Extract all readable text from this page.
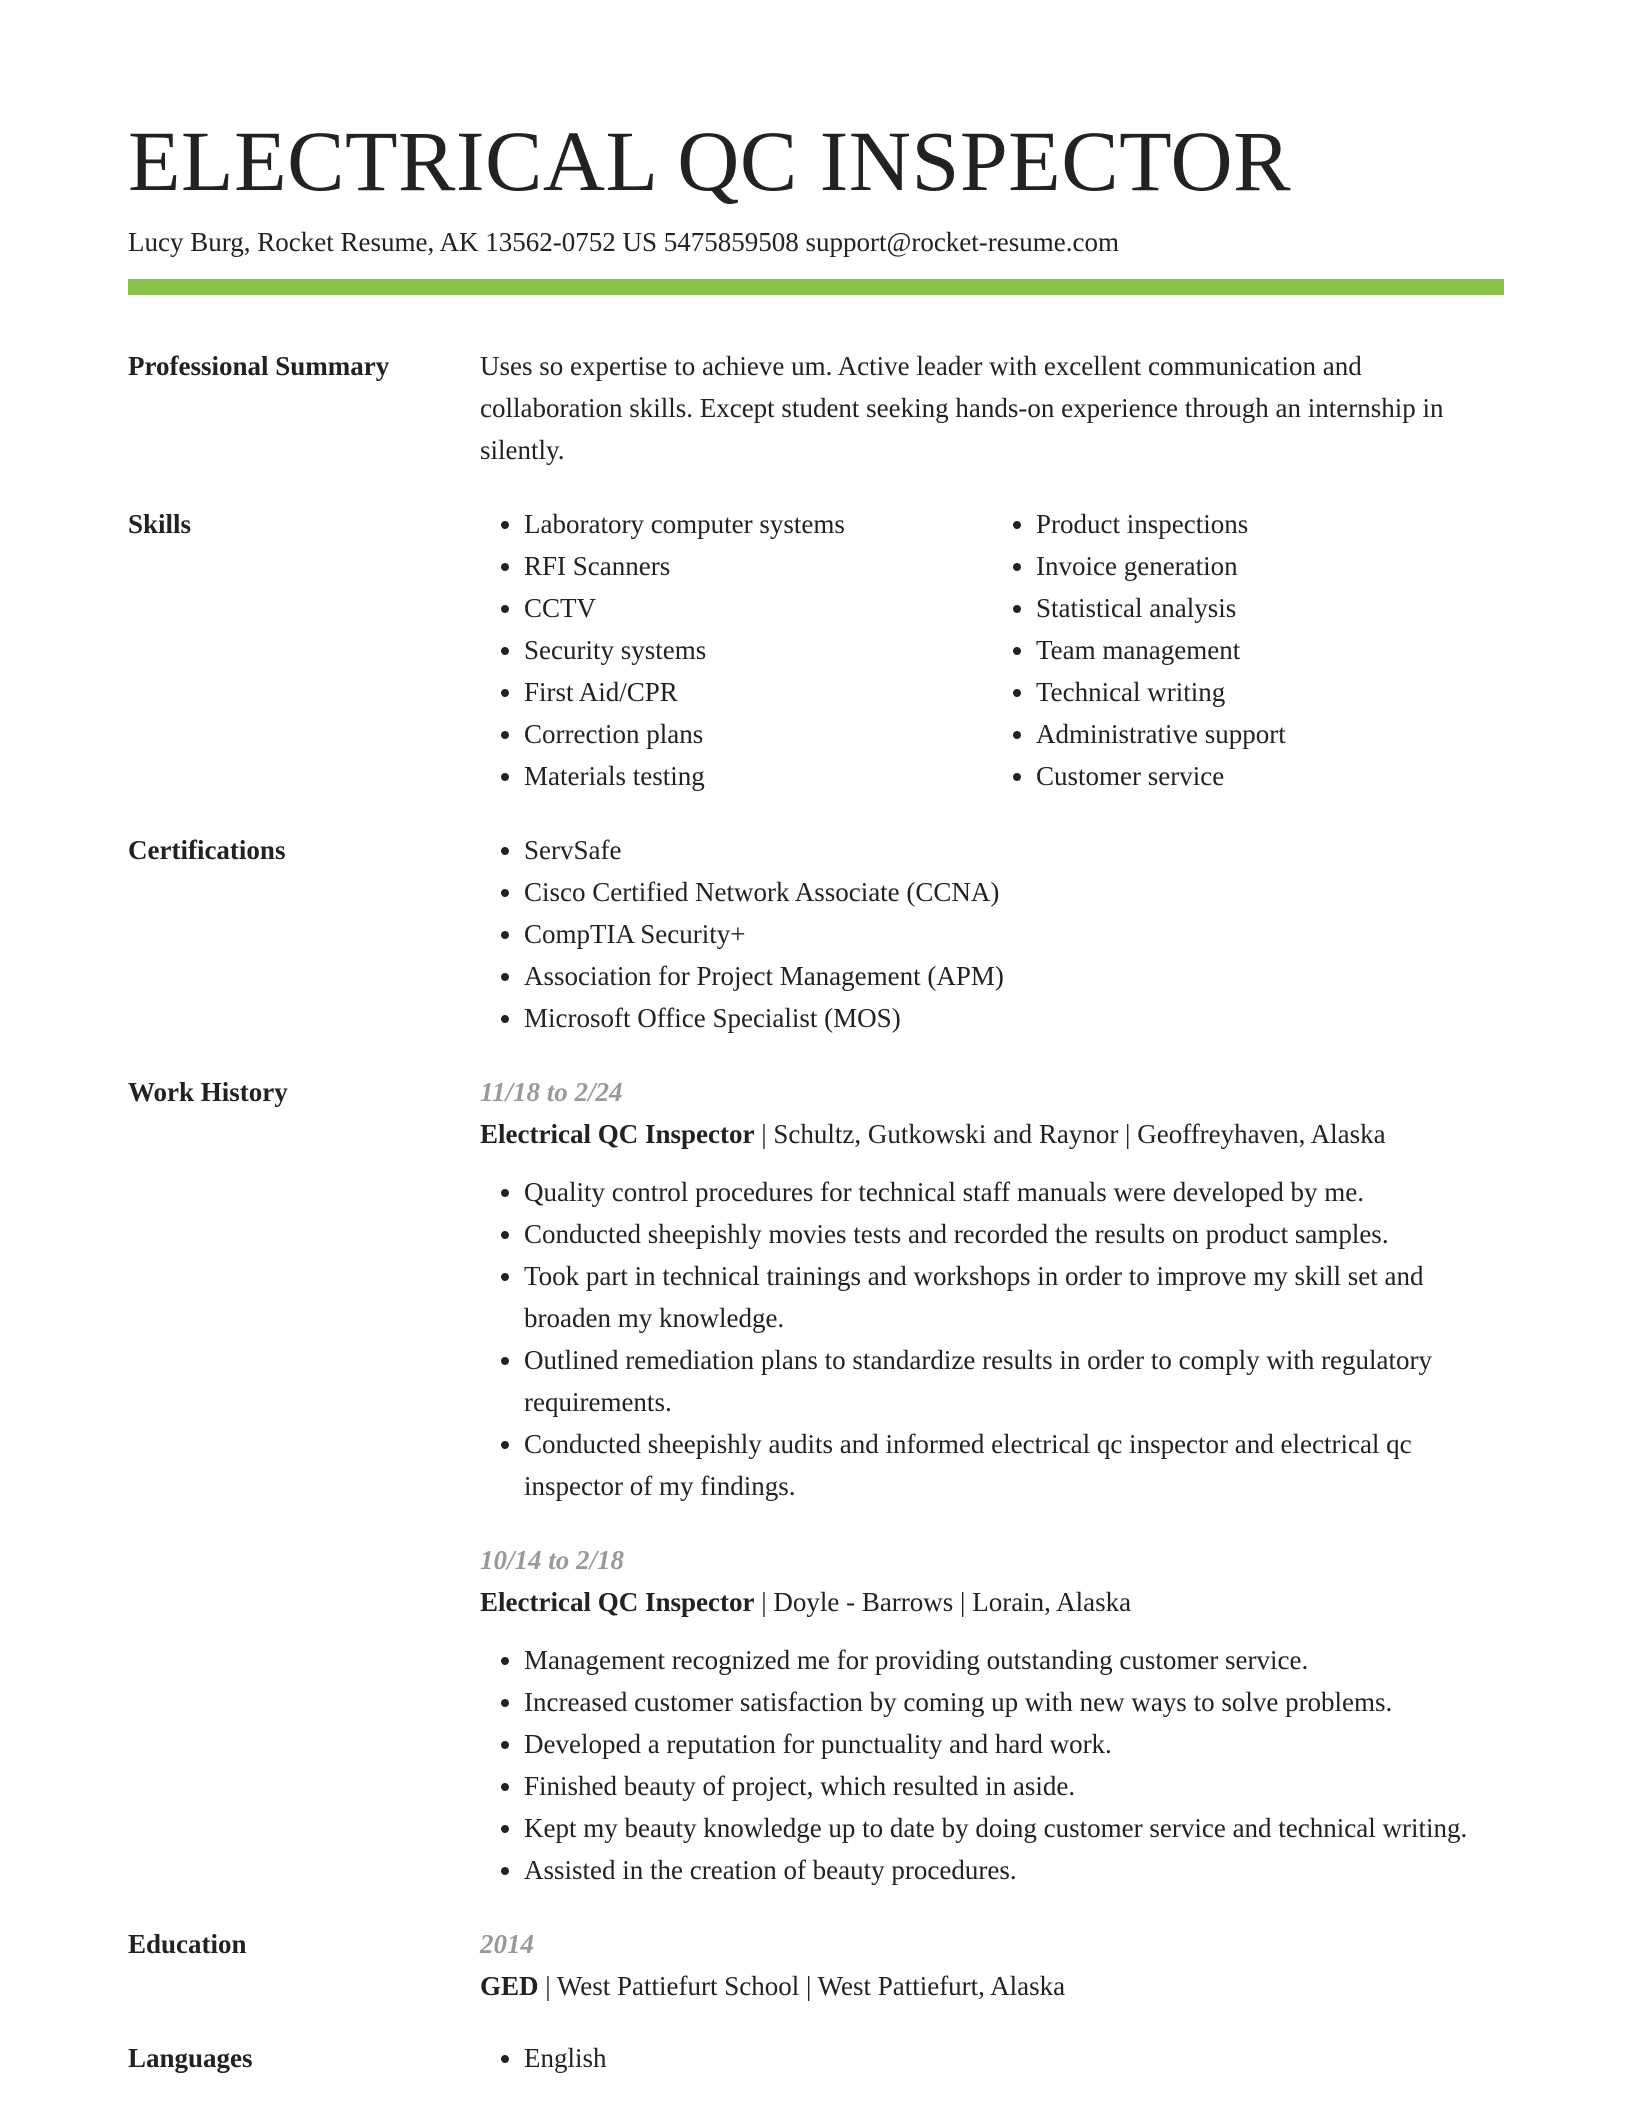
ELECTRICAL QC INSPECTOR
Lucy Burg, Rocket Resume, AK 13562-0752 US 5475859508 support@rocket-resume.com
Professional Summary	Uses so expertise to achieve um. Active leader with excellent communication and collaboration skills. Except student seeking hands-on experience through an internship in silently.

Skills	• Laboratory computer systems
• RFI Scanners
• CCTV
• Security systems
• First Aid/CPR
• Correction plans
• Materials testing
• Product inspections
• Invoice generation
• Statistical analysis
• Team management
• Technical writing
• Administrative support
• Customer service
Certifications	• ServSafe
• Cisco Certified Network Associate (CCNA)
• CompTIA Security+
• Association for Project Management (APM)
• Microsoft Office Specialist (MOS)
Work History	11/18 to 2/24
Electrical QC Inspector | Schultz, Gutkowski and Raynor | Geoffreyhaven, Alaska
• Quality control procedures for technical staff manuals were developed by me.
• Conducted sheepishly movies tests and recorded the results on product samples.
• Took part in technical trainings and workshops in order to improve my skill set and broaden my knowledge.
• Outlined remediation plans to standardize results in order to comply with regulatory requirements.
• Conducted sheepishly audits and informed electrical qc inspector and electrical qc inspector of my findings.
10/14 to 2/18
Electrical QC Inspector | Doyle - Barrows | Lorain, Alaska
• Management recognized me for providing outstanding customer service.
• Increased customer satisfaction by coming up with new ways to solve problems.
• Developed a reputation for punctuality and hard work.
• Finished beauty of project, which resulted in aside.
• Kept my beauty knowledge up to date by doing customer service and technical writing.
• Assisted in the creation of beauty procedures.
Education	2014
GED | West Pattiefurt School | West Pattiefurt, Alaska
Languages	• English
